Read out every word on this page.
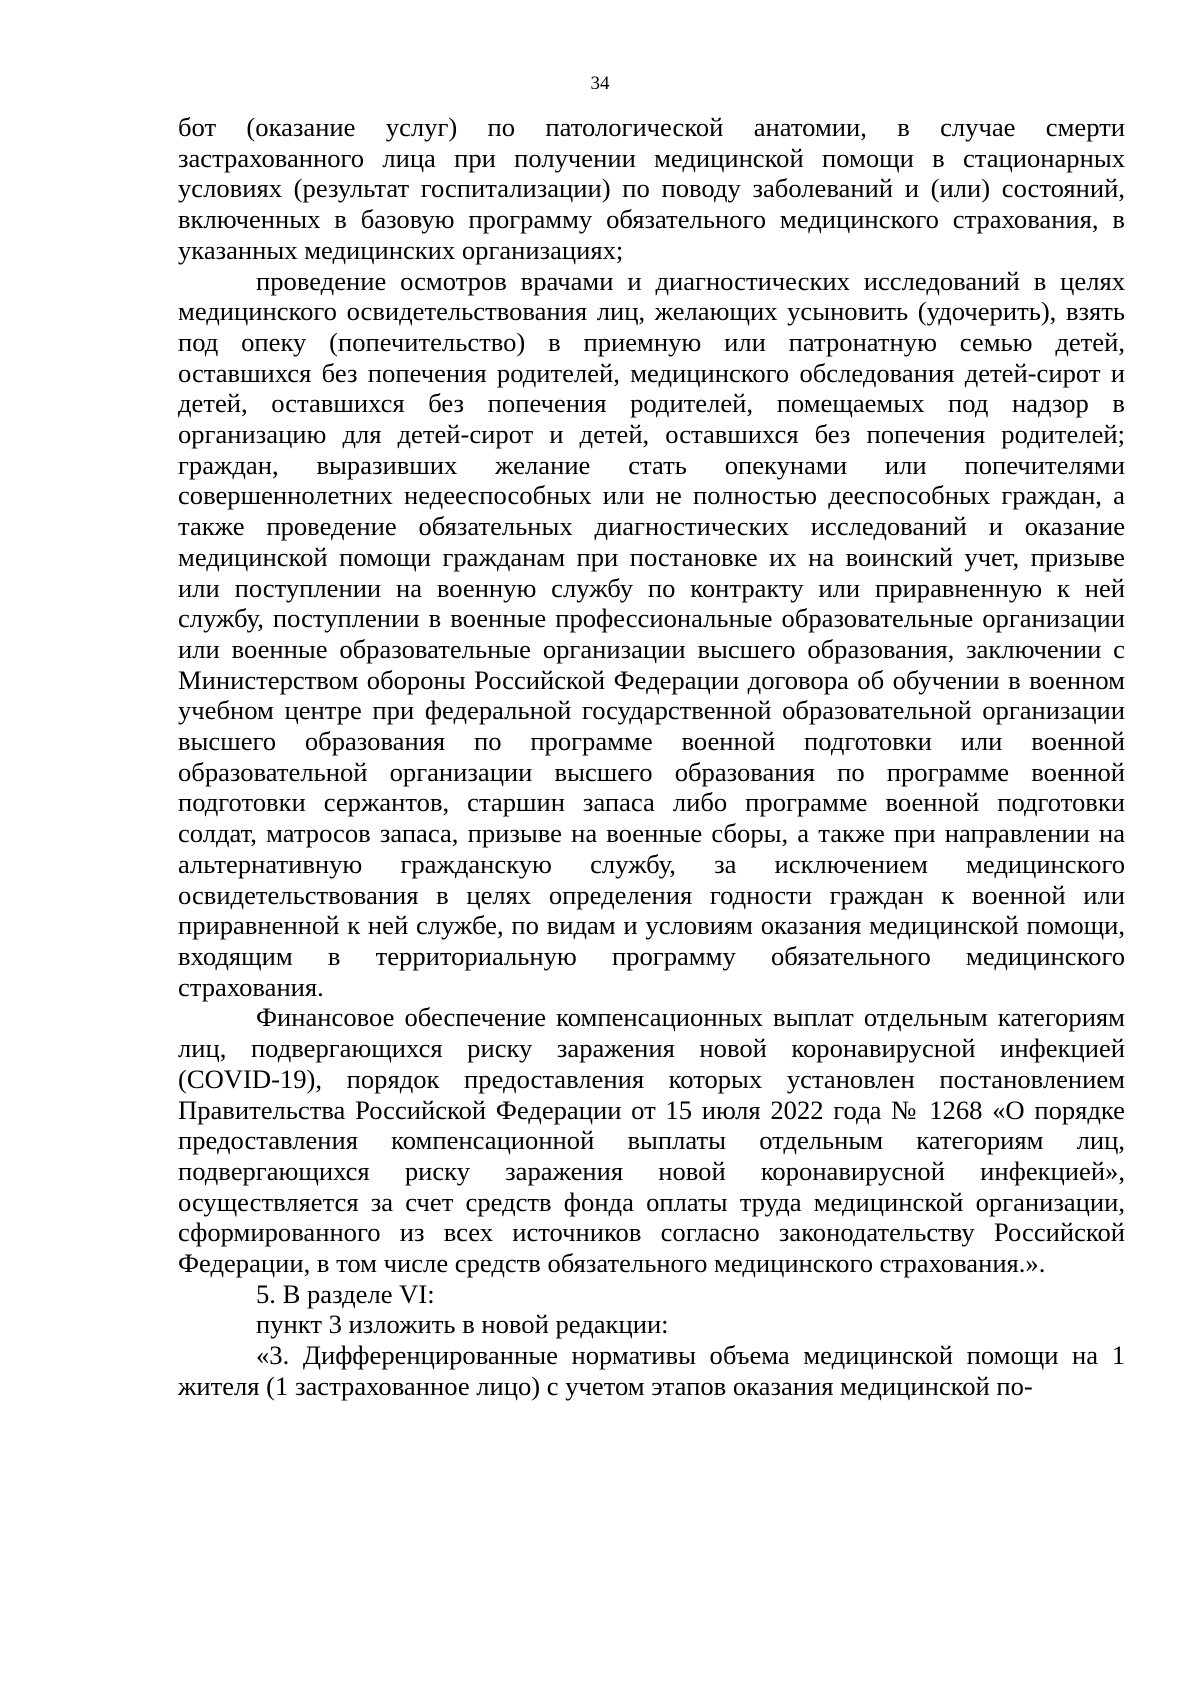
34

бот (оказание услуг) по патологической анатомии, в случае смерти застрахованного лица при получении медицинской помощи в стационарных условиях (результат госпитализации) по поводу заболеваний и (или) состояний, включенных в базовую программу обязательного медицинского страхования, в указанных медицинских организациях;

проведение осмотров врачами и диагностических исследований в целях медицинского освидетельствования лиц, желающих усыновить (удочерить), взять под опеку (попечительство) в приемную или патронатную семью детей, оставшихся без попечения родителей, медицинского обследования детей-сирот и детей, оставшихся без попечения родителей, помещаемых под надзор в организацию для детей-сирот и детей, оставшихся без попечения родителей; граждан, выразивших желание стать опекунами или попечителями совершеннолетних недееспособных или не полностью дееспособных граждан, а также проведение обязательных диагностических исследований и оказание медицинской помощи гражданам при постановке их на воинский учет, призыве или поступлении на военную службу по контракту или приравненную к ней службу, поступлении в военные профессиональные образовательные организации или военные образовательные организации высшего образования, заключении с Министерством обороны Российской Федерации договора об обучении в военном учебном центре при федеральной государственной образовательной организации высшего образования по программе военной подготовки или военной образовательной организации высшего образования по программе военной подготовки сержантов, старшин запаса либо программе военной подготовки солдат, матросов запаса, призыве на военные сборы, а также при направлении на альтернативную гражданскую службу, за исключением медицинского освидетельствования в целях определения годности граждан к военной или приравненной к ней службе, по видам и условиям оказания медицинской помощи, входящим в территориальную программу обязательного медицинского страхования.

Финансовое обеспечение компенсационных выплат отдельным категориям лиц, подвергающихся риску заражения новой коронавирусной инфекцией (COVID-19), порядок предоставления которых установлен постановлением Правительства Российской Федерации от 15 июля 2022 года № 1268 «О порядке предоставления компенсационной выплаты отдельным категориям лиц, подвергающихся риску заражения новой коронавирусной инфекцией», осуществляется за счет средств фонда оплаты труда медицинской организации, сформированного из всех источников согласно законодательству Российской Федерации, в том числе средств обязательного медицинского страхования.».

5. В разделе VI:

пункт 3 изложить в новой редакции:

«3. Дифференцированные нормативы объема медицинской помощи на 1 жителя (1 застрахованное лицо) с учетом этапов оказания медицинской по-
